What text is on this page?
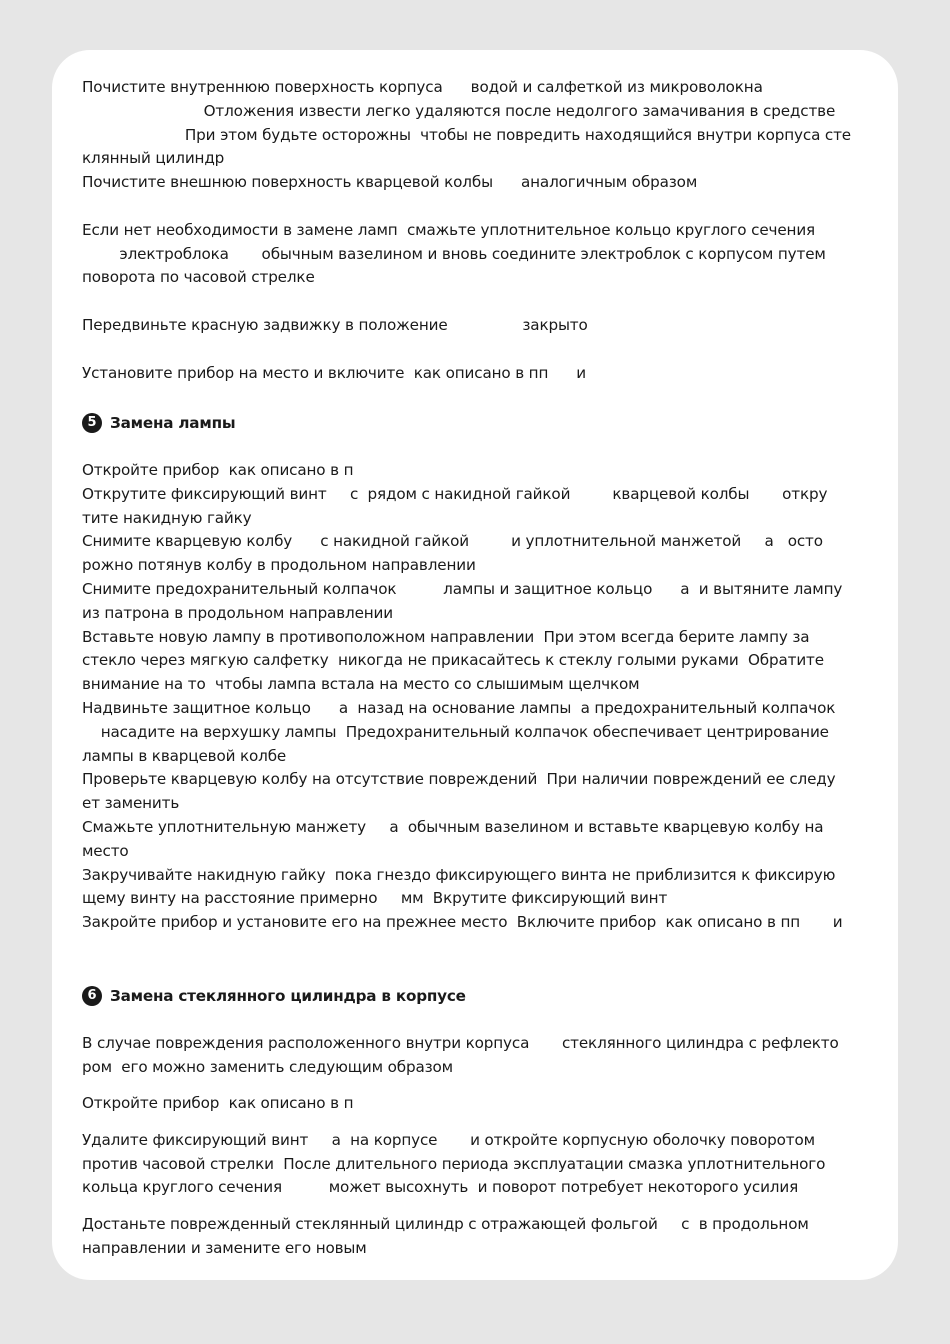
Почистите внутреннюю поверхность корпуса      водой и салфеткой из микроволокна
Отложения извести легко удаляются после недолгого замачивания в средстве
При этом будьте осторожны  чтобы не повредить находящийся внутри корпуса сте
клянный цилиндр
Почистите внешнюю поверхность кварцевой колбы      аналогичным образом
Если нет необходимости в замене ламп  смажьте уплотнительное кольцо круглого сечения
электроблока       обычным вазелином и вновь соедините электроблок с корпусом путем
поворота по часовой стрелке
Передвиньте красную задвижку в положение                закрыто
Установите прибор на место и включите  как описано в пп      и
5 Замена лампы
Откройте прибор  как описано в п
Открутите фиксирующий винт     с  рядом с накидной гайкой         кварцевой колбы       откру
тите накидную гайку
Снимите кварцевую колбу      с накидной гайкой         и уплотнительной манжетой     а   осто
рожно потянув колбу в продольном направлении
Снимите предохранительный колпачок          лампы и защитное кольцо      а  и вытяните лампу
из патрона в продольном направлении
Вставьте новую лампу в противоположном направлении  При этом всегда берите лампу за
стекло через мягкую салфетку  никогда не прикасайтесь к стеклу голыми руками  Обратите
внимание на то  чтобы лампа встала на место со слышимым щелчком
Надвиньте защитное кольцо      а  назад на основание лампы  а предохранительный колпачок
насадите на верхушку лампы  Предохранительный колпачок обеспечивает центрирование
лампы в кварцевой колбе
Проверьте кварцевую колбу на отсутствие повреждений  При наличии повреждений ее следу
ет заменить
Смажьте уплотнительную манжету     а  обычным вазелином и вставьте кварцевую колбу на
место
Закручивайте накидную гайку  пока гнездо фиксирующего винта не приблизится к фиксирую
щему винту на расстояние примерно     мм  Вкрутите фиксирующий винт
Закройте прибор и установите его на прежнее место  Включите прибор  как описано в пп       и
6 Замена стеклянного цилиндра в корпусе
В случае повреждения расположенного внутри корпуса       стеклянного цилиндра с рефлекто
ром  его можно заменить следующим образом
Откройте прибор  как описано в п
Удалите фиксирующий винт     а  на корпусе       и откройте корпусную оболочку поворотом
против часовой стрелки  После длительного периода эксплуатации смазка уплотнительного
кольца круглого сечения          может высохнуть  и поворот потребует некоторого усилия
Достаньте поврежденный стеклянный цилиндр с отражающей фольгой     с  в продольном
направлении и замените его новым
